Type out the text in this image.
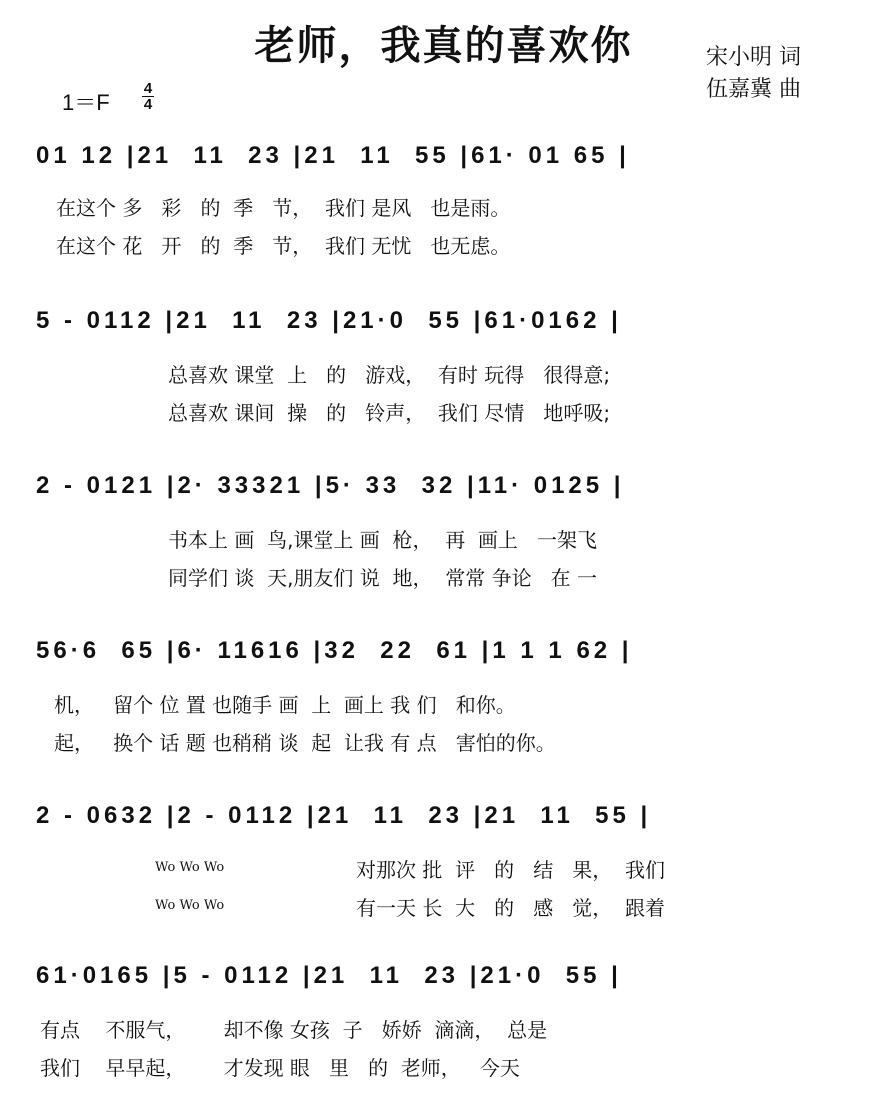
老师，我真的喜欢你	宋小明 词
伍嘉冀 曲
1＝F
4
4
01 12 |21  11  23 |21  11  55 |61· 01 65 |
在这个 多   彩   的  季   节，  我们 是风   也是雨。
在这个 花   开   的  季   节，  我们 无忧   也无虑。
5 - 0112 |21  11  23 |21·0  55 |61·0162 |
总喜欢 课堂  上   的   游戏，  有时 玩得   很得意;
总喜欢 课间  操   的   铃声，  我们 尽情   地呼吸;
2 - 0121 |2· 33321 |5· 33  32 |11· 0125 |
书本上 画  鸟,课堂上 画  枪，  再  画上   一架飞
同学们 谈  天,朋友们 说  地，  常常 争论   在 一
56·6  65 |6· 11616 |32  22  61 |1 1 1 62 |
机，   留个 位 置 也随手 画  上  画上 我 们   和你。
起，   换个 话 题 也稍稍 谈  起  让我 有 点   害怕的你。
2 - 0632 |2 - 0112 |21  11  23 |21  11  55 |
Wo Wo Wo	对那次 批  评   的   结   果，  我们
Wo Wo Wo	有一天 长  大   的   感   觉，  跟着
61·0165 |5 - 0112 |21  11  23 |21·0  55 |
有点    不服气，      却不像 女孩  子   娇娇  滴滴，  总是
我们    早早起，      才发现 眼   里   的  老师，   今天
